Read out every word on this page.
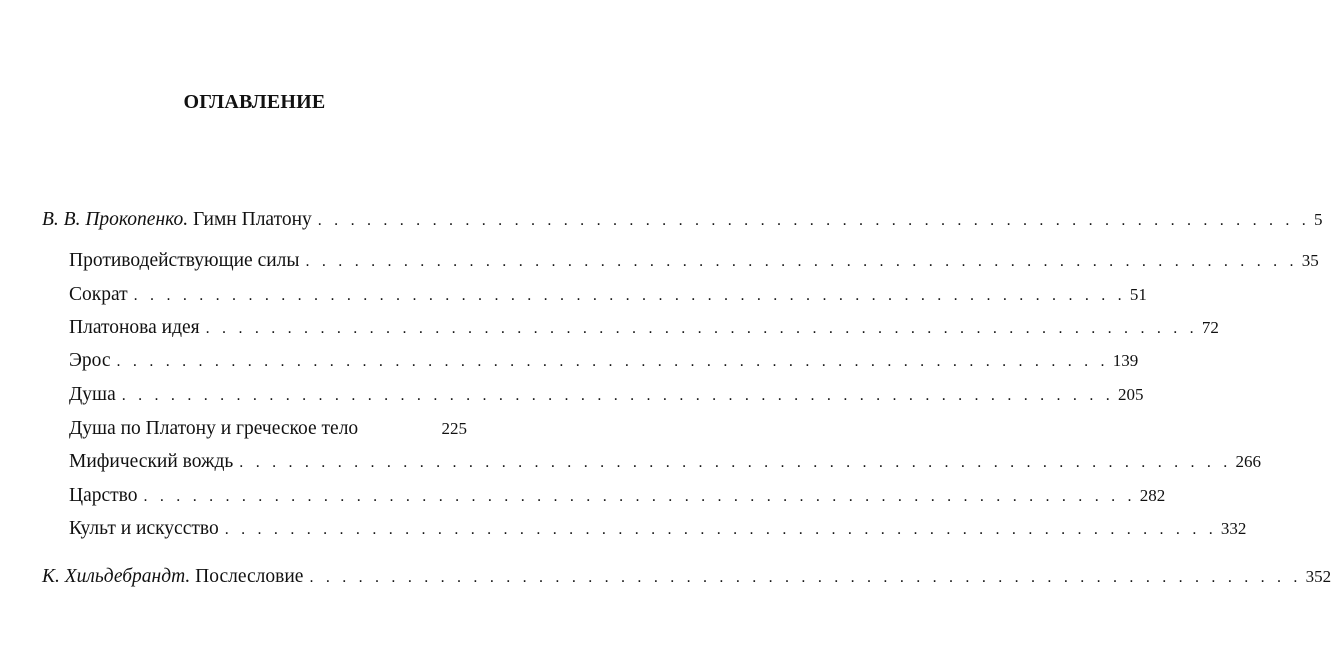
ОГЛАВЛЕНИЕ
В. В. Прокопенко. Гимн Платону . . . . . . . . . . . . . . . . . . . . . . . . . . . . . . . . . . . . . . . . . . . . . . . . . . . . . . . . . . . . . 5
Противодействующие силы . . . . . . . . . . . . . . . . . . . . . . . . . . . . . . . . . . . . . . . . . . . . . . . . . . . . . . . . . . . . . 35
Сократ . . . . . . . . . . . . . . . . . . . . . . . . . . . . . . . . . . . . . . . . . . . . . . . . . . . . . . . . . . . . . 51
Платонова идея . . . . . . . . . . . . . . . . . . . . . . . . . . . . . . . . . . . . . . . . . . . . . . . . . . . . . . . . . . . . . 72
Эрос . . . . . . . . . . . . . . . . . . . . . . . . . . . . . . . . . . . . . . . . . . . . . . . . . . . . . . . . . . . . . 139
Душа . . . . . . . . . . . . . . . . . . . . . . . . . . . . . . . . . . . . . . . . . . . . . . . . . . . . . . . . . . . . . 205
Душа по Платону и греческое тело	225
Мифический вождь . . . . . . . . . . . . . . . . . . . . . . . . . . . . . . . . . . . . . . . . . . . . . . . . . . . . . . . . . . . . . 266
Царство . . . . . . . . . . . . . . . . . . . . . . . . . . . . . . . . . . . . . . . . . . . . . . . . . . . . . . . . . . . . . 282
Культ и искусство . . . . . . . . . . . . . . . . . . . . . . . . . . . . . . . . . . . . . . . . . . . . . . . . . . . . . . . . . . . . . 332
К. Хильдебрандт. Послесловие . . . . . . . . . . . . . . . . . . . . . . . . . . . . . . . . . . . . . . . . . . . . . . . . . . . . . . . . . . . . . 352
